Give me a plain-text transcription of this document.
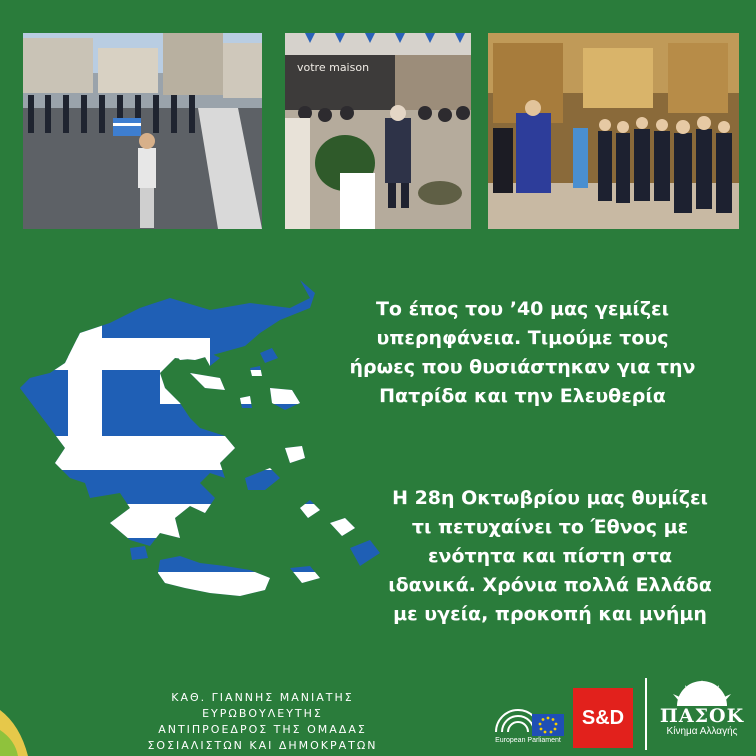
votre maison
Το έπος του ’40 μας γεμίζει
υπερηφάνεια. Τιμούμε τους
ήρωες που θυσιάστηκαν για την
Πατρίδα και την Ελευθερία
Η 28η Οκτωβρίου μας θυμίζει
τι πετυχαίνει το Έθνος με
ενότητα και πίστη στα
ιδανικά. Χρόνια πολλά Ελλάδα
με υγεία, προκοπή και μνήμη
ΚΑΘ. ΓΙΑΝΝΗΣ ΜΑΝΙΑΤΗΣ
ΕΥΡΩΒΟΥΛΕΥΤΗΣ
ΑΝΤΙΠΡΟΕΔΡΟΣ ΤΗΣ ΟΜΑΔΑΣ
ΣΟΣΙΑΛΙΣΤΩΝ ΚΑΙ ΔΗΜΟΚΡΑΤΩΝ	European Parliament
S&D	ΠΑΣΟΚ
Κίνημα Αλλαγής
